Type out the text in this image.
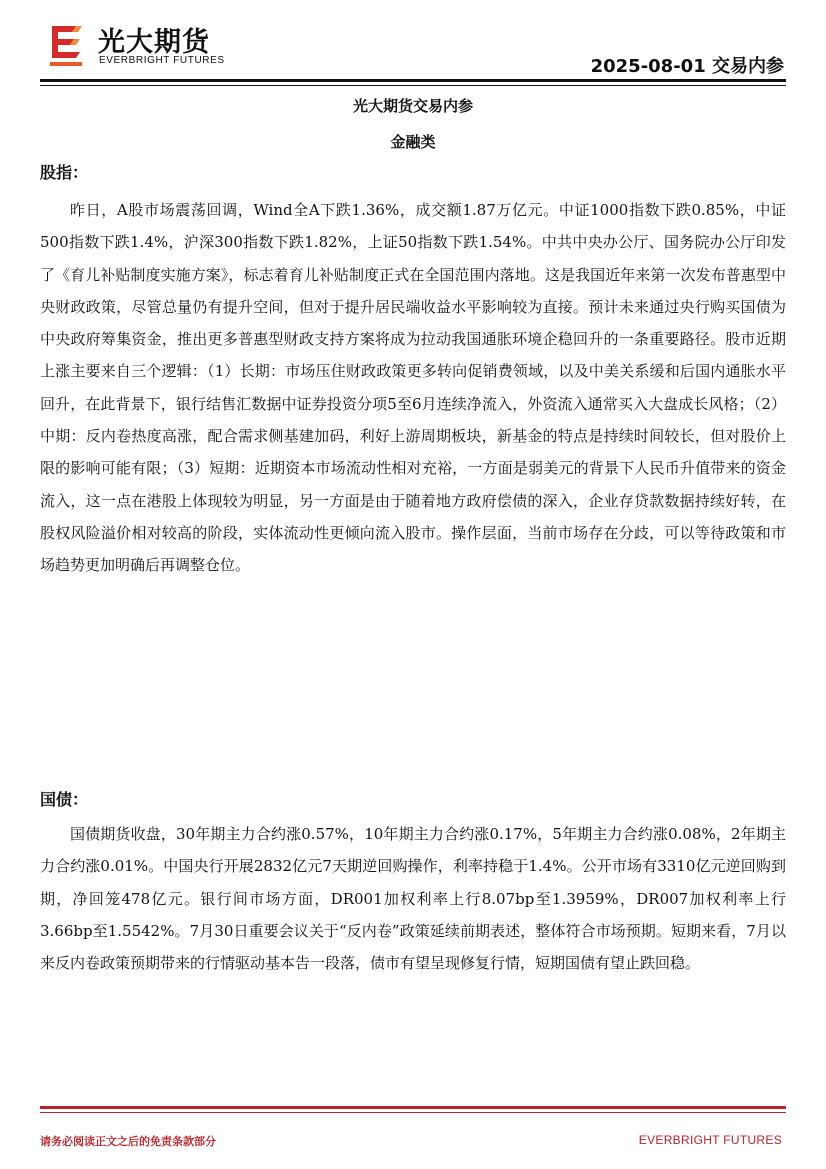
光大期货
EVERBRIGHT FUTURES	2025-08-01 交易内参
光大期货交易内参
金融类
股指：

昨日，A股市场震荡回调，Wind全A下跌1.36%，成交额1.87万亿元。中证1000指数下跌0.85%，中证500指数下跌1.4%，沪深300指数下跌1.82%，上证50指数下跌1.54%。中共中央办公厅、国务院办公厅印发了《育儿补贴制度实施方案》，标志着育儿补贴制度正式在全国范围内落地。这是我国近年来第一次发布普惠型中央财政政策，尽管总量仍有提升空间，但对于提升居民端收益水平影响较为直接。预计未来通过央行购买国债为中央政府筹集资金，推出更多普惠型财政支持方案将成为拉动我国通胀环境企稳回升的一条重要路径。股市近期上涨主要来自三个逻辑：（1）长期：市场压住财政政策更多转向促销费领域，以及中美关系缓和后国内通胀水平回升，在此背景下，银行结售汇数据中证券投资分项5至6月连续净流入，外资流入通常买入大盘成长风格；（2）中期：反内卷热度高涨，配合需求侧基建加码，利好上游周期板块，新基金的特点是持续时间较长，但对股价上限的影响可能有限；（3）短期：近期资本市场流动性相对充裕，一方面是弱美元的背景下人民币升值带来的资金流入，这一点在港股上体现较为明显，另一方面是由于随着地方政府偿债的深入，企业存贷款数据持续好转，在股权风险溢价相对较高的阶段，实体流动性更倾向流入股市。操作层面，当前市场存在分歧，可以等待政策和市场趋势更加明确后再调整仓位。

国债：

国债期货收盘，30年期主力合约涨0.57%，10年期主力合约涨0.17%，5年期主力合约涨0.08%，2年期主力合约涨0.01%。中国央行开展2832亿元7天期逆回购操作，利率持稳于1.4%。公开市场有3310亿元逆回购到期，净回笼478亿元。银行间市场方面，DR001加权利率上行8.07bp至1.3959%，DR007加权利率上行3.66bp至1.5542%。7月30日重要会议关于“反内卷”政策延续前期表述，整体符合市场预期。短期来看，7月以来反内卷政策预期带来的行情驱动基本告一段落，债市有望呈现修复行情，短期国债有望止跌回稳。

请务必阅读正文之后的免责条款部分	EVERBRIGHT FUTURES
